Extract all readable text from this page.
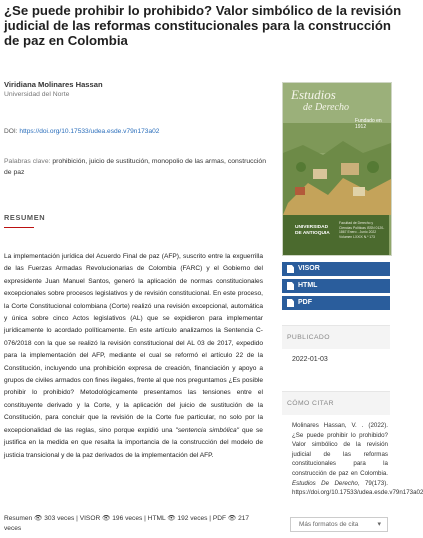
¿Se puede prohibir lo prohibido? Valor simbólico de la revisión judicial de las reformas constitucionales para la construcción de paz en Colombia
Viridiana Molinares Hassan
Universidad del Norte
DOI: https://doi.org/10.17533/udea.esde.v79n173a02
Palabras clave: prohibición, juicio de sustitución, monopolio de las armas, construcción de paz
RESUMEN
La implementación jurídica del Acuerdo Final de paz (AFP), suscrito entre la exguerrilla de las Fuerzas Armadas Revolucionarias de Colombia (FARC) y el Gobierno del expresidente Juan Manuel Santos, generó la aplicación de normas constitucionales excepcionales sobre procesos legislativos y de revisión constitucional. En este proceso, la Corte Constitucional colombiana (Corte) realizó una revisión excepcional, automática y única sobre cinco Actos legislativos (AL) que se expidieron para implementar jurídicamente lo acordado políticamente. En este artículo analizamos la Sentencia C-076/2018 con la que se realizó la revisión constitucional del AL 03 de 2017, expedido para la implementación del AFP, mediante el cual se reformó el artículo 22 de la Constitución, incluyendo una prohibición expresa de creación, financiación y apoyo a grupos de civiles armados con fines ilegales, frente al que nos preguntamos ¿Es posible prohibir lo prohibido? Metodológicamente presentamos las tensiones entre el constituyente derivado y la Corte, y la aplicación del juicio de sustitución de la Constitución, para concluir que la revisión de la Corte fue particular, no solo por la excepcionalidad de las reglas, sino porque expidió una "sentencia simbólica" que se justifica en la medida en que resalta la importancia de la construcción del modelo de justicia transicional y de la paz derivados de la implementación del AFP.
Resumen 👁 303 veces | VISOR 👁 196 veces | HTML 👁 192 veces | PDF 👁 217 veces
Estudios
de Derecho
Fundado en 1912
UNIVERSIDAD
DE ANTIOQUIA
Facultad de Derecho y Ciencias Políticas ISSN 0120-1867 Enero - Junio 2022 Volumen LXXIX N.º 173
VISOR
HTML
PDF
PUBLICADO
2022-01-03
CÓMO CITAR
Molinares Hassan, V. . (2022). ¿Se puede prohibir lo prohibido? Valor simbólico de la revisión judicial de las reformas constitucionales para la construcción de paz en Colombia. Estudios De Derecho, 79(173). https://doi.org/10.17533/udea.esde.v79n173a02
Más formatos de cita	▾
